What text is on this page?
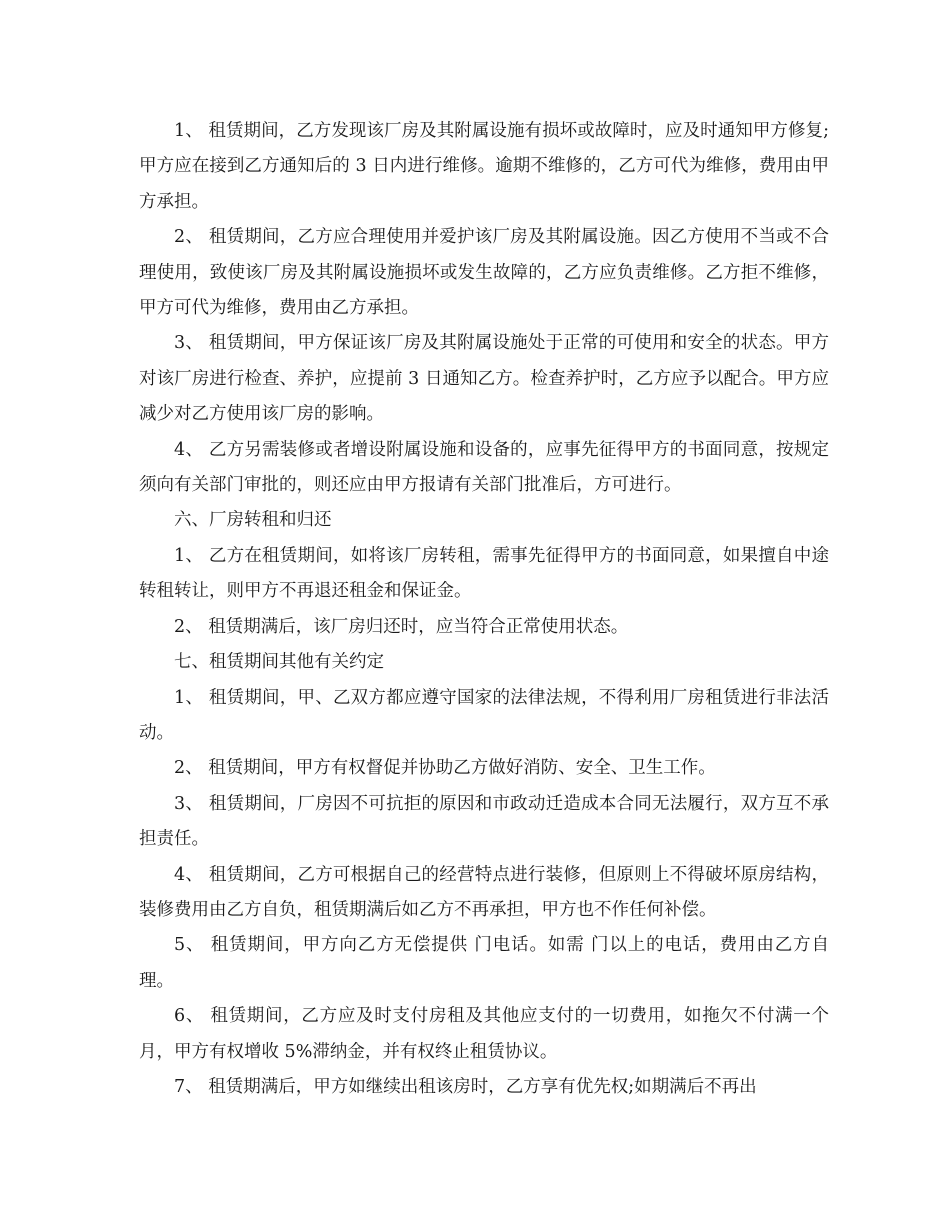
1、 租赁期间，乙方发现该厂房及其附属设施有损坏或故障时，应及时通知甲方修复;甲方应在接到乙方通知后的 3 日内进行维修。逾期不维修的，乙方可代为维修，费用由甲方承担。

2、 租赁期间，乙方应合理使用并爱护该厂房及其附属设施。因乙方使用不当或不合理使用，致使该厂房及其附属设施损坏或发生故障的，乙方应负责维修。乙方拒不维修，甲方可代为维修，费用由乙方承担。

3、 租赁期间，甲方保证该厂房及其附属设施处于正常的可使用和安全的状态。甲方对该厂房进行检查、养护，应提前 3 日通知乙方。检查养护时，乙方应予以配合。甲方应减少对乙方使用该厂房的影响。

4、 乙方另需装修或者增设附属设施和设备的，应事先征得甲方的书面同意，按规定须向有关部门审批的，则还应由甲方报请有关部门批准后，方可进行。

六、厂房转租和归还

1、 乙方在租赁期间，如将该厂房转租，需事先征得甲方的书面同意，如果擅自中途转租转让，则甲方不再退还租金和保证金。

2、 租赁期满后，该厂房归还时，应当符合正常使用状态。

七、租赁期间其他有关约定

1、 租赁期间，甲、乙双方都应遵守国家的法律法规，不得利用厂房租赁进行非法活动。

2、 租赁期间，甲方有权督促并协助乙方做好消防、安全、卫生工作。

3、 租赁期间，厂房因不可抗拒的原因和市政动迁造成本合同无法履行，双方互不承担责任。

4、 租赁期间，乙方可根据自己的经营特点进行装修，但原则上不得破坏原房结构，装修费用由乙方自负，租赁期满后如乙方不再承担，甲方也不作任何补偿。

5、 租赁期间，甲方向乙方无偿提供 门电话。如需 门以上的电话，费用由乙方自理。

6、 租赁期间，乙方应及时支付房租及其他应支付的一切费用，如拖欠不付满一个月，甲方有权增收 5%滞纳金，并有权终止租赁协议。

7、 租赁期满后，甲方如继续出租该房时，乙方享有优先权;如期满后不再出
